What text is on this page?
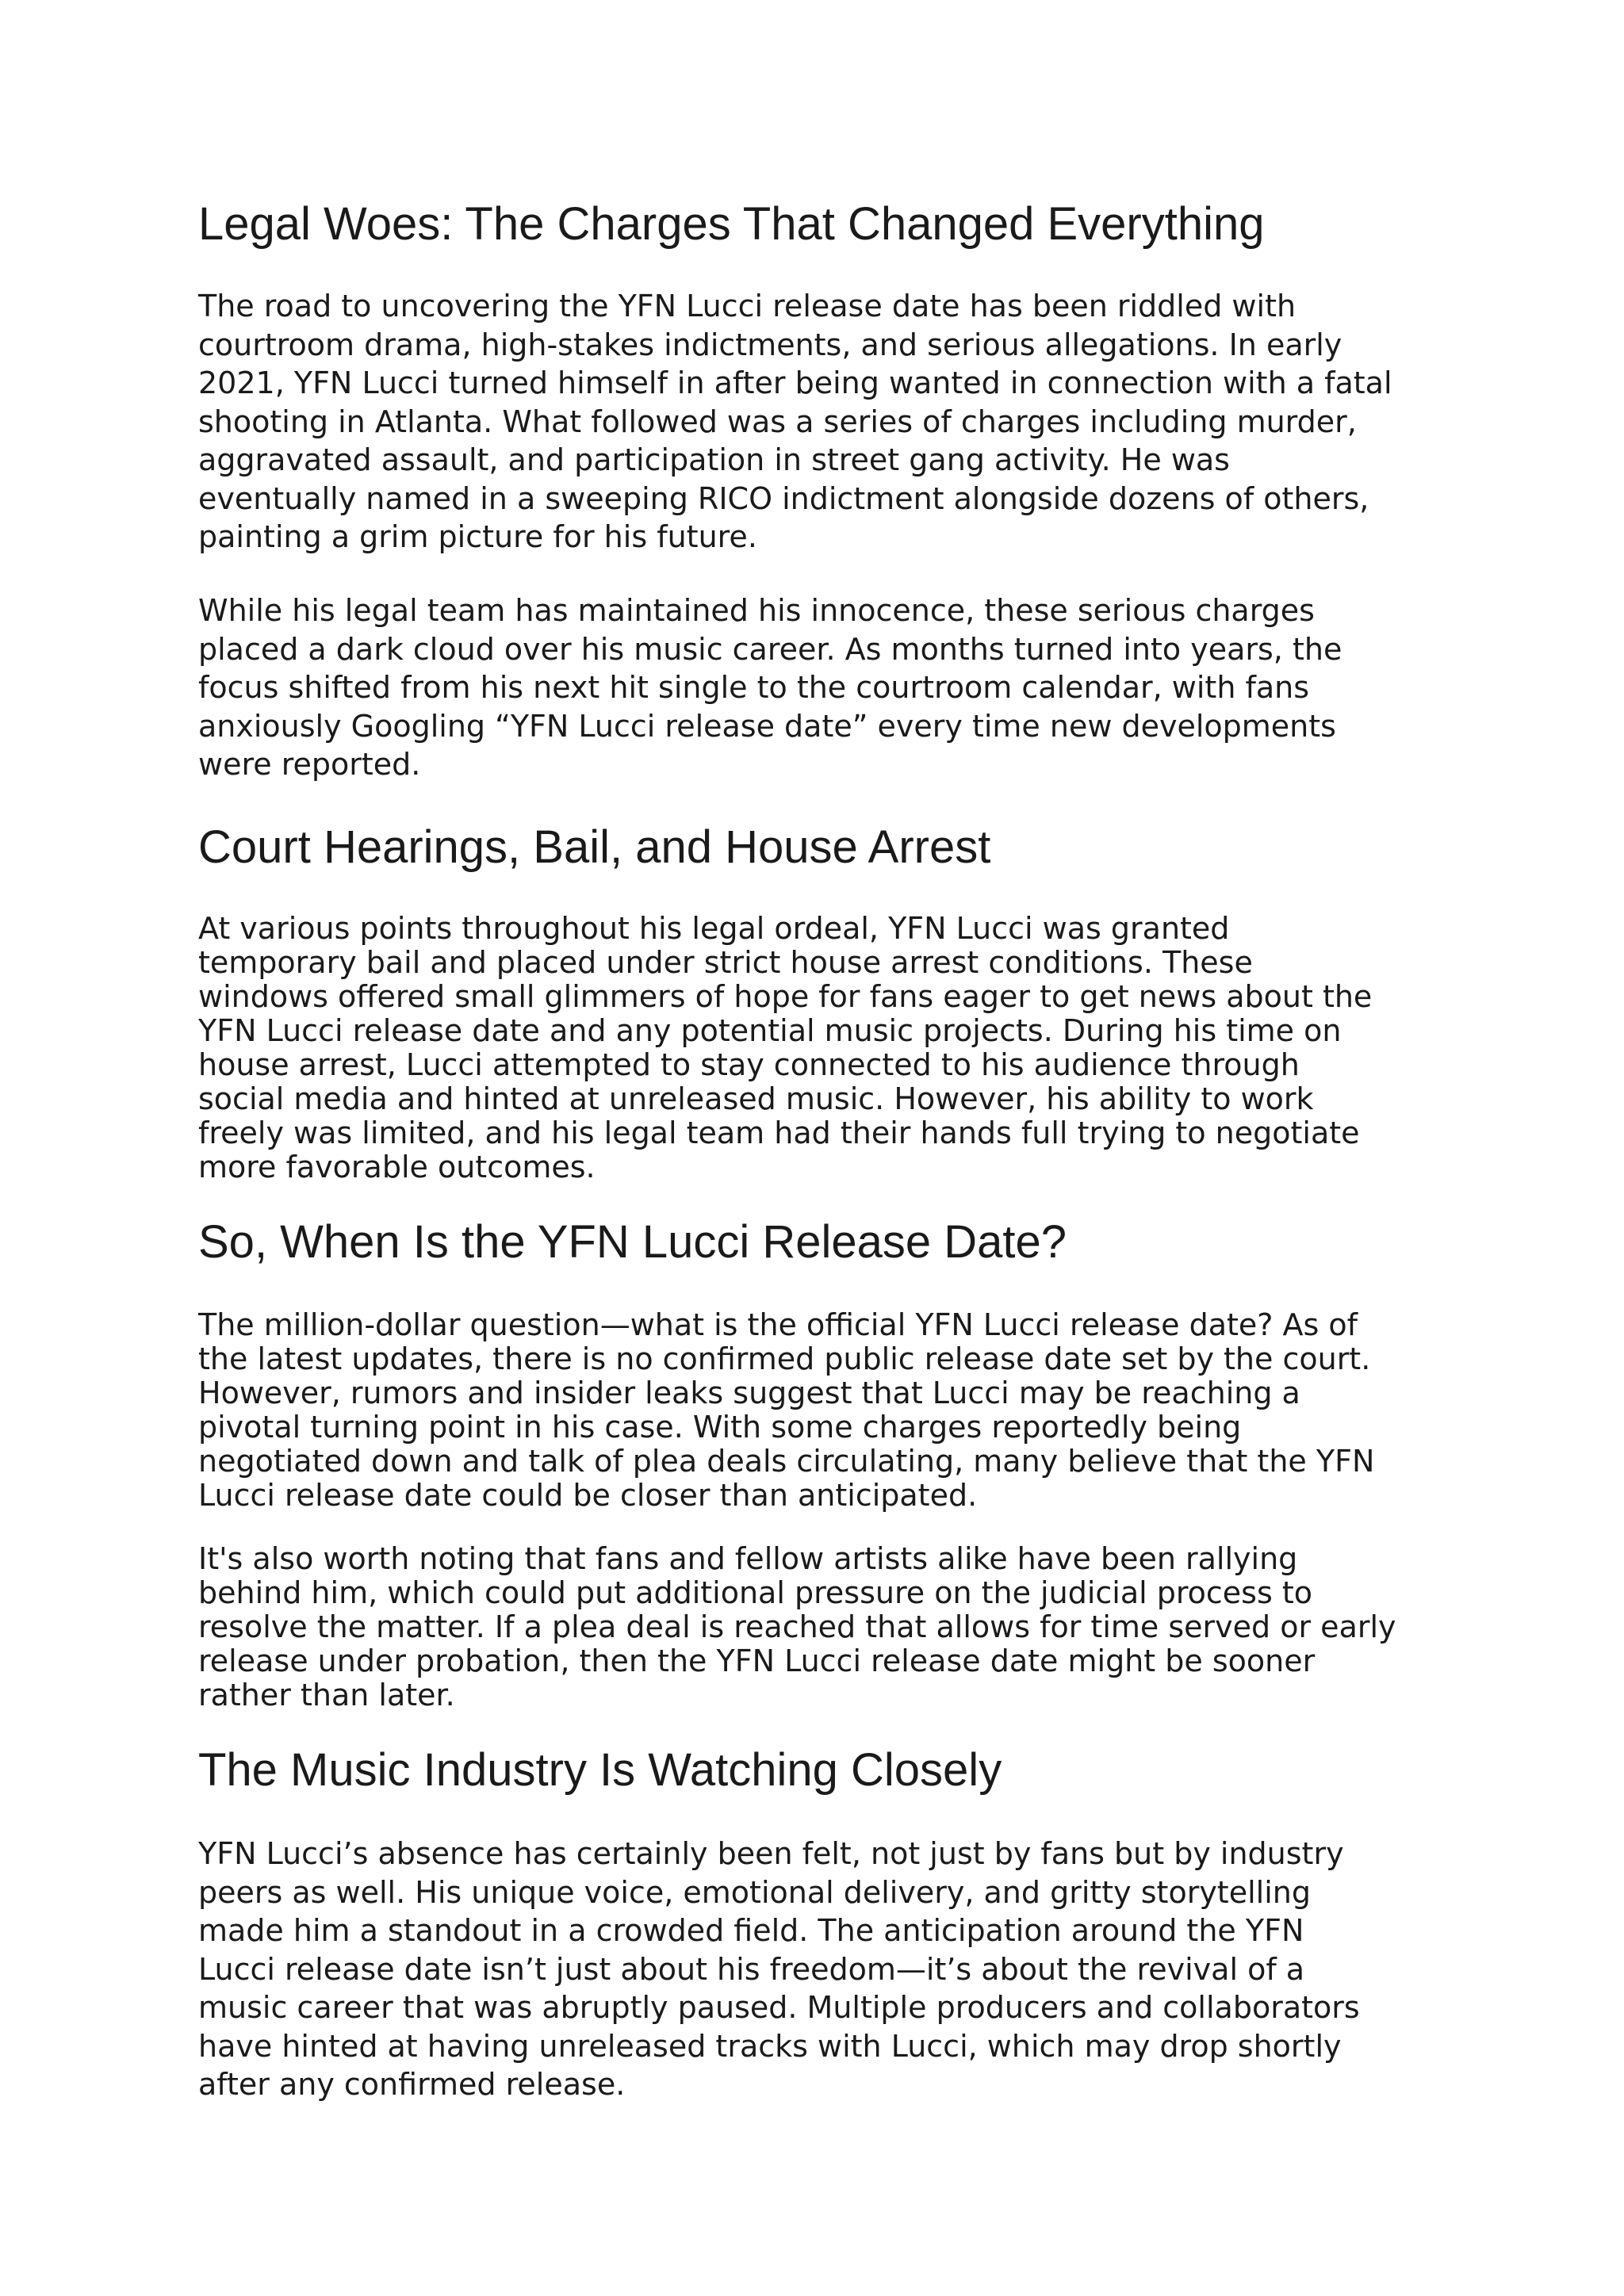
Legal Woes: The Charges That Changed Everything
The road to uncovering the YFN Lucci release date has been riddled with
courtroom drama, high-stakes indictments, and serious allegations. In early
2021, YFN Lucci turned himself in after being wanted in connection with a fatal
shooting in Atlanta. What followed was a series of charges including murder,
aggravated assault, and participation in street gang activity. He was
eventually named in a sweeping RICO indictment alongside dozens of others,
painting a grim picture for his future.
While his legal team has maintained his innocence, these serious charges
placed a dark cloud over his music career. As months turned into years, the
focus shifted from his next hit single to the courtroom calendar, with fans
anxiously Googling “YFN Lucci release date” every time new developments
were reported.
Court Hearings, Bail, and House Arrest
At various points throughout his legal ordeal, YFN Lucci was granted
temporary bail and placed under strict house arrest conditions. These
windows offered small glimmers of hope for fans eager to get news about the
YFN Lucci release date and any potential music projects. During his time on
house arrest, Lucci attempted to stay connected to his audience through
social media and hinted at unreleased music. However, his ability to work
freely was limited, and his legal team had their hands full trying to negotiate
more favorable outcomes.
So, When Is the YFN Lucci Release Date?
The million-dollar question—what is the official YFN Lucci release date? As of
the latest updates, there is no confirmed public release date set by the court.
However, rumors and insider leaks suggest that Lucci may be reaching a
pivotal turning point in his case. With some charges reportedly being
negotiated down and talk of plea deals circulating, many believe that the YFN
Lucci release date could be closer than anticipated.
It's also worth noting that fans and fellow artists alike have been rallying
behind him, which could put additional pressure on the judicial process to
resolve the matter. If a plea deal is reached that allows for time served or early
release under probation, then the YFN Lucci release date might be sooner
rather than later.
The Music Industry Is Watching Closely
YFN Lucci’s absence has certainly been felt, not just by fans but by industry
peers as well. His unique voice, emotional delivery, and gritty storytelling
made him a standout in a crowded field. The anticipation around the YFN
Lucci release date isn’t just about his freedom—it’s about the revival of a
music career that was abruptly paused. Multiple producers and collaborators
have hinted at having unreleased tracks with Lucci, which may drop shortly
after any confirmed release.
